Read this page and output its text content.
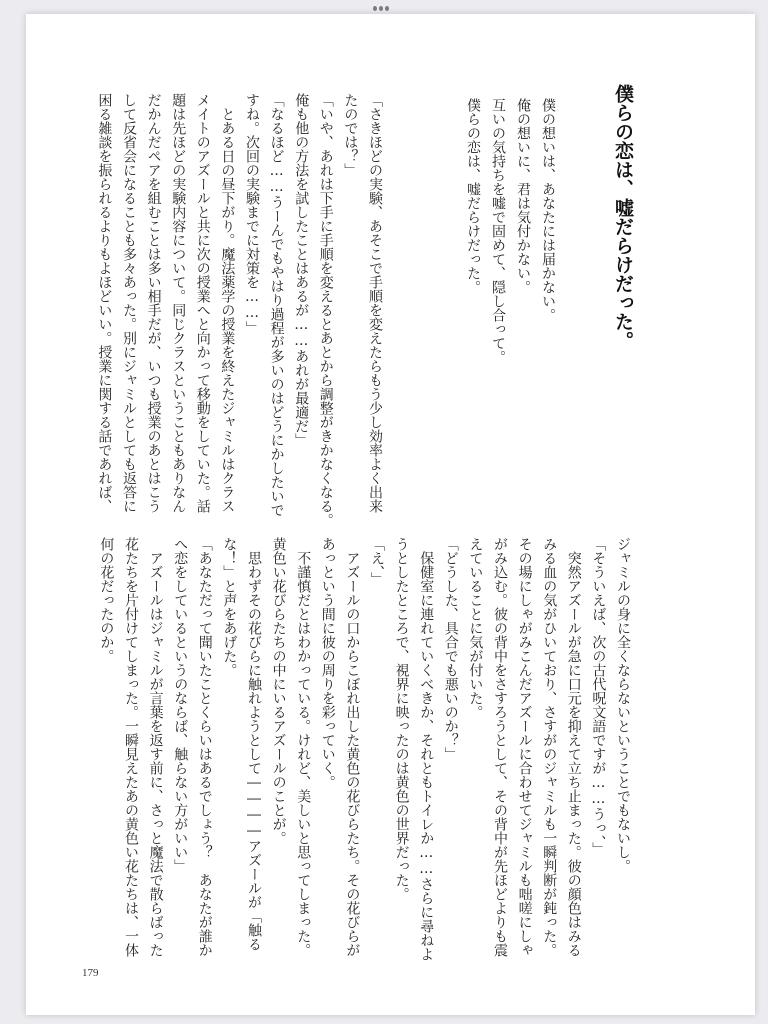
僕らの恋は、嘘だらけだった。
179
僕の想いは、あなたには届かない。
俺の想いに、君は気付かない。
互いの気持ちを嘘で固めて、隠し合って。
僕らの恋は、嘘だらけだった。
「さきほどの実験、あそこで手順を変えたらもう少し効率よく出来
たのでは？」
「いや、あれは下手に手順を変えるとあとから調整がきかなくなる。
俺も他の方法を試したことはあるが……あれが最適だ」
「なるほど……うーんでもやはり過程が多いのはどうにかしたいで
すね。次回の実験までに対策を……」
　とある日の昼下がり。魔法薬学の授業を終えたジャミルはクラス
メイトのアズールと共に次の授業へと向かって移動をしていた。話
題は先ほどの実験内容について。同じクラスということもありなん
だかんだペアを組むことは多い相手だが、いつも授業のあとはこう
して反省会になることも多々あった。別にジャミルとしても返答に
困る雑談を振られるよりもよほどいい。授業に関する話であれば、
ジャミルの身に全くならないということでもないし。
「そういえば、次の古代呪文語ですが……うっ、」
　突然アズールが急に口元を抑えて立ち止まった。彼の顔色はみる
みる血の気がひいており、さすがのジャミルも一瞬判断が鈍った。
その場にしゃがみこんだアズールに合わせてジャミルも咄嗟にしゃ
がみ込む。彼の背中をさすろうとして、その背中が先ほどよりも震
えていることに気が付いた。
「どうした、具合でも悪いのか？」
　保健室に連れていくべきか、それともトイレか……さらに尋ねよ
うとしたところで、視界に映ったのは黄色の世界だった。
「え、」
　アズールの口からこぼれ出した黄色の花びらたち。その花びらが
あっという間に彼の周りを彩っていく。
　不謹慎だとはわかっている。けれど、美しいと思ってしまった。
黄色い花びらたちの中にいるアズールのことが。
　思わずその花びらに触れようとして――――アズールが「触る
な！」と声をあげた。
「あなただって聞いたことくらいはあるでしょう？　あなたが誰か
へ恋をしているというのならば、触らない方がいい」
　アズールはジャミルが言葉を返す前に、さっと魔法で散らばった
花たちを片付けてしまった。一瞬見えたあの黄色い花たちは、一体
何の花だったのか。
